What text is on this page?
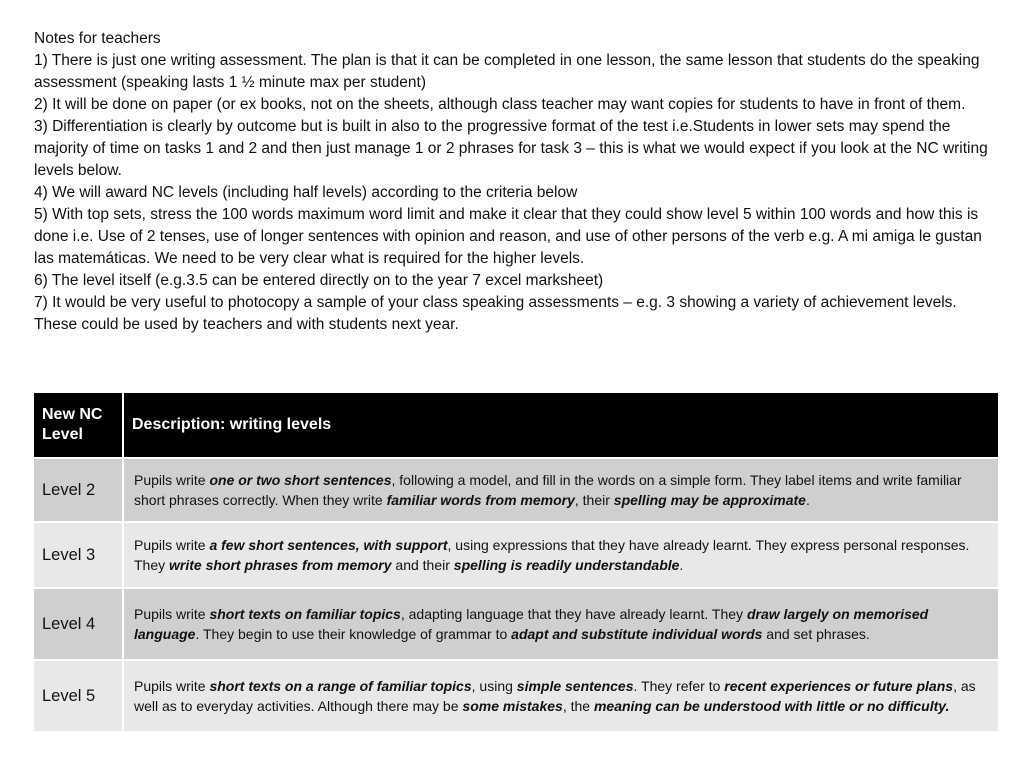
Notes for teachers

1) There is just one writing assessment. The plan is that it can be completed in one lesson, the same lesson that students do the speaking assessment (speaking lasts 1 ½ minute max per student)

2) It will be done on paper (or ex books, not on the sheets, although class teacher may want copies for students to have in front of them.

3) Differentiation is clearly by outcome but is built in also to the progressive format of the test i.e.Students in lower sets may spend the majority of time on tasks 1 and 2 and then just manage 1 or 2 phrases for task 3 – this is what we would expect if you look at the NC writing levels below.

4) We will award NC levels (including half levels) according to the criteria below

5) With top sets, stress the 100 words maximum word limit and make it clear that they could show level 5 within 100 words and how this is done i.e. Use of 2 tenses, use of longer sentences with opinion and reason, and use of other persons of the verb e.g. A mi amiga le gustan las matemáticas. We need to be very clear what is required for the higher levels.

6) The level itself (e.g.3.5 can be entered directly on to the year 7 excel marksheet)

7) It would be very useful to photocopy a sample of your class speaking assessments – e.g. 3 showing a variety of achievement levels. These could be used by teachers and with students next year.

New NC Level	Description: writing levels
Level 2	Pupils write one or two short sentences, following a model, and fill in the words on a simple form. They label items and write familiar short phrases correctly. When they write familiar words from memory, their spelling may be approximate.
Level 3	Pupils write a few short sentences, with support, using expressions that they have already learnt. They express personal responses. They write short phrases from memory and their spelling is readily understandable.
Level 4	Pupils write short texts on familiar topics, adapting language that they have already learnt. They draw largely on memorised language. They begin to use their knowledge of grammar to adapt and substitute individual words and set phrases.
Level 5	Pupils write short texts on a range of familiar topics, using simple sentences. They refer to recent experiences or future plans, as well as to everyday activities. Although there may be some mistakes, the meaning can be understood with little or no difficulty.
